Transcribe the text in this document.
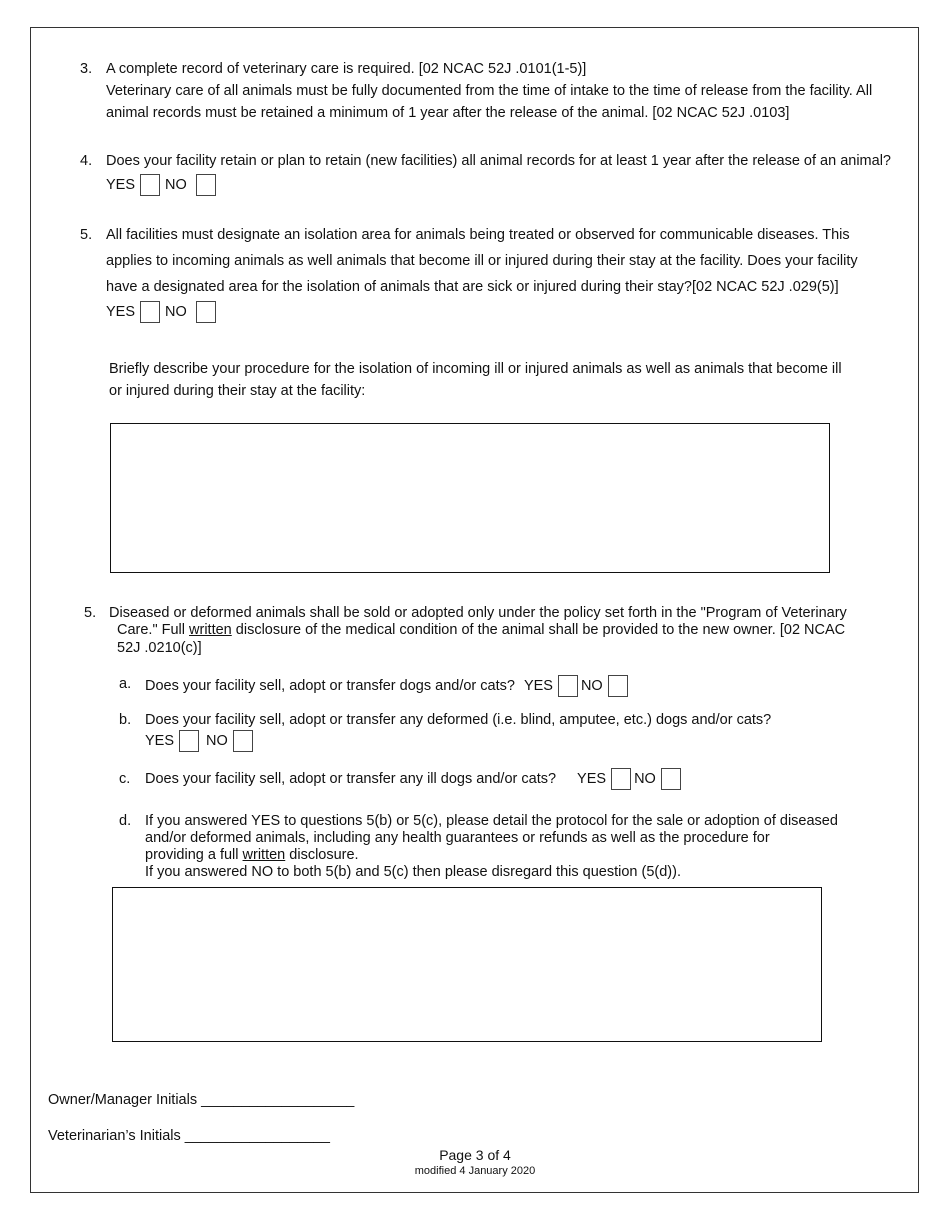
3. A complete record of veterinary care is required. [02 NCAC 52J .0101(1-5)]
Veterinary care of all animals must be fully documented from the time of intake to the time of release from the facility. All
animal records must be retained a minimum of 1 year after the release of the animal. [02 NCAC 52J .0103]
4. Does your facility retain or plan to retain (new facilities) all animal records for at least 1 year after the release of an animal?
YES NO
5. All facilities must designate an isolation area for animals being treated or observed for communicable diseases. This
applies to incoming animals as well animals that become ill or injured during their stay at the facility. Does your facility
have a designated area for the isolation of animals that are sick or injured during their stay?[02 NCAC 52J .029(5)]
YES NO
Briefly describe your procedure for the isolation of incoming ill or injured animals as well as animals that become ill
or injured during their stay at the facility:
5. Diseased or deformed animals shall be sold or adopted only under the policy set forth in the "Program of Veterinary
Care." Full written disclosure of the medical condition of the animal shall be provided to the new owner. [02 NCAC
52J .0210(c)]
a. Does your facility sell, adopt or transfer dogs and/or cats? YES NO
b. Does your facility sell, adopt or transfer any deformed (i.e. blind, amputee, etc.) dogs and/or cats?
YES NO
c. Does your facility sell, adopt or transfer any ill dogs and/or cats? YES NO
d. If you answered YES to questions 5(b) or 5(c), please detail the protocol for the sale or adoption of diseased
and/or deformed animals, including any health guarantees or refunds as well as the procedure for
providing a full written disclosure.
If you answered NO to both 5(b) and 5(c) then please disregard this question (5(d)).
Owner/Manager Initials ___________________
Veterinarian’s Initials __________________
Page 3 of 4
modified 4 January 2020
